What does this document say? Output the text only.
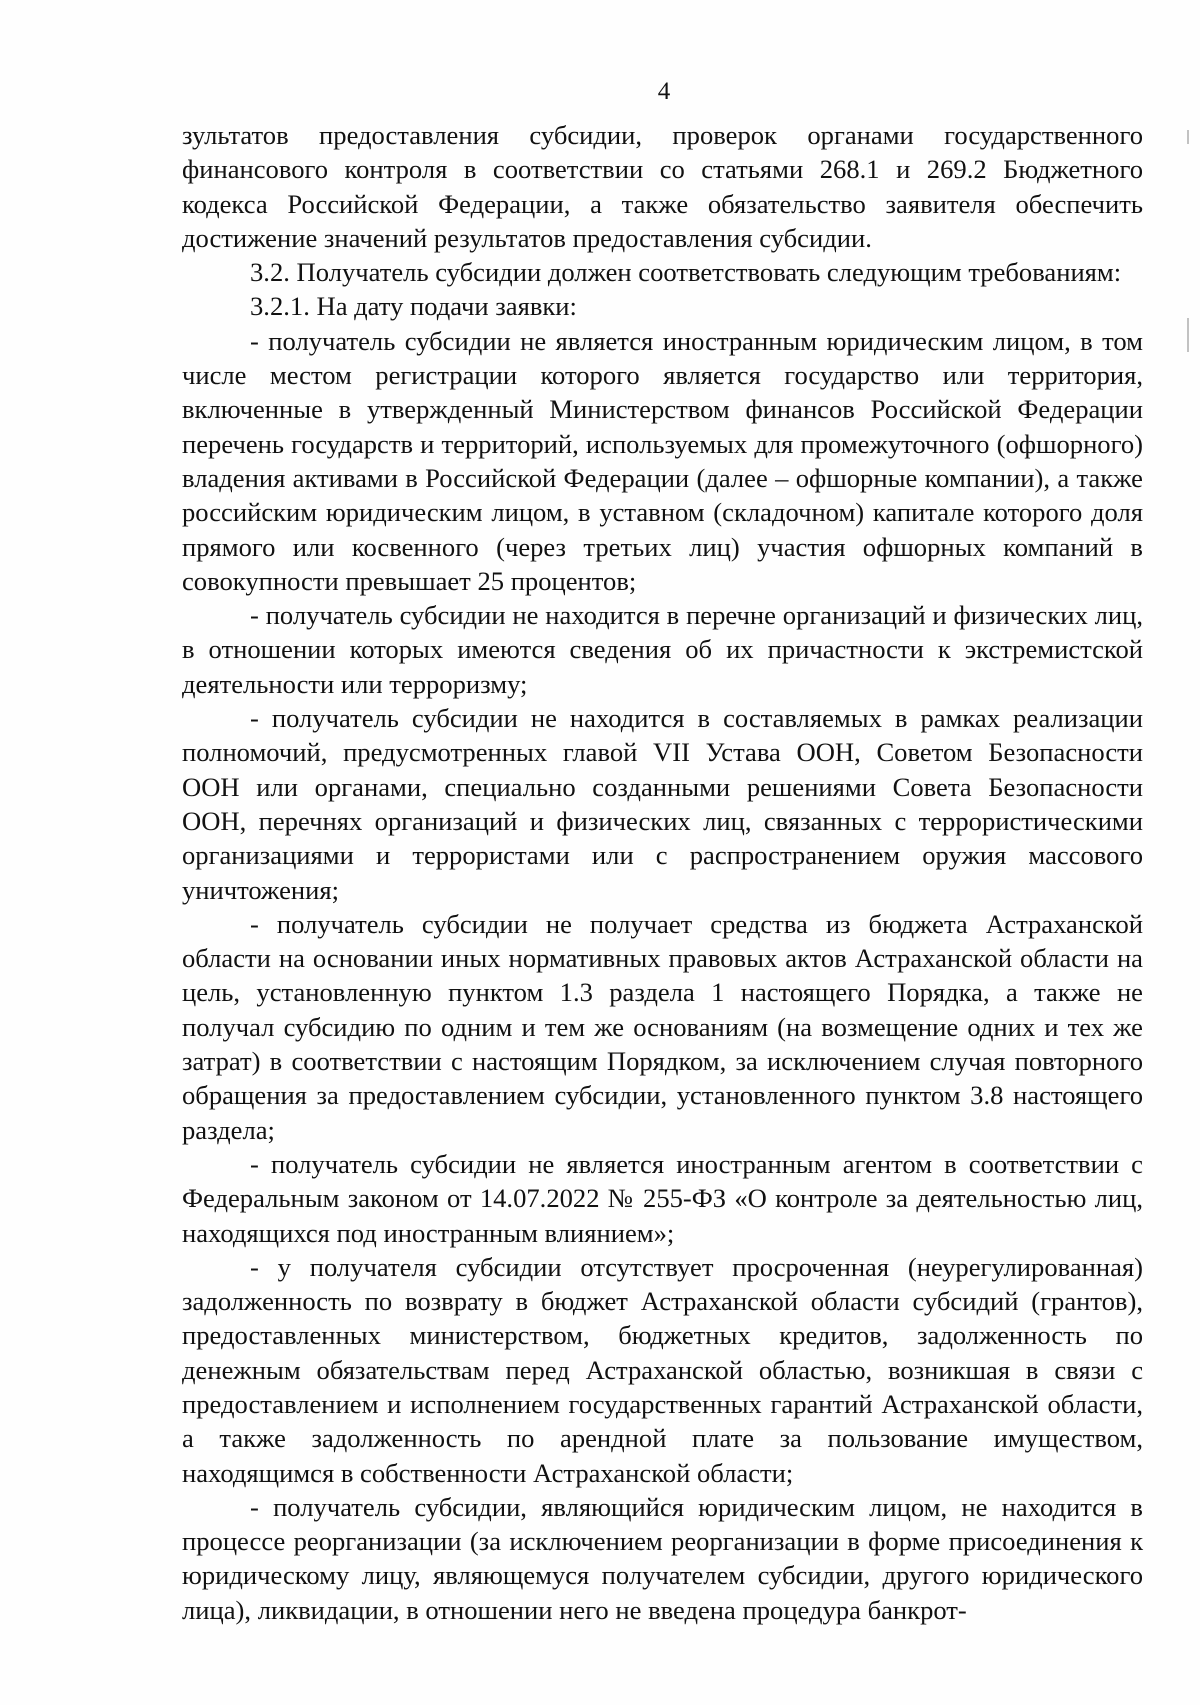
4

зультатов предоставления субсидии, проверок органами государственного финансового контроля в соответствии со статьями 268.1 и 269.2 Бюджетного кодекса Российской Федерации, а также обязательство заявителя обеспечить достижение значений результатов предоставления субсидии.

3.2. Получатель субсидии должен соответствовать следующим требованиям:

3.2.1. На дату подачи заявки:

- получатель субсидии не является иностранным юридическим лицом, в том числе местом регистрации которого является государство или территория, включенные в утвержденный Министерством финансов Российской Федерации перечень государств и территорий, используемых для промежуточного (офшорного) владения активами в Российской Федерации (далее – офшорные компании), а также российским юридическим лицом, в уставном (складочном) капитале которого доля прямого или косвенного (через третьих лиц) участия офшорных компаний в совокупности превышает 25 процентов;

- получатель субсидии не находится в перечне организаций и физических лиц, в отношении которых имеются сведения об их причастности к экстремистской деятельности или терроризму;

- получатель субсидии не находится в составляемых в рамках реализации полномочий, предусмотренных главой VII Устава ООН, Советом Безопасности ООН или органами, специально созданными решениями Совета Безопасности ООН, перечнях организаций и физических лиц, связанных с террористическими организациями и террористами или с распространением оружия массового уничтожения;

- получатель субсидии не получает средства из бюджета Астраханской области на основании иных нормативных правовых актов Астраханской области на цель, установленную пунктом 1.3 раздела 1 настоящего Порядка, а также не получал субсидию по одним и тем же основаниям (на возмещение одних и тех же затрат) в соответствии с настоящим Порядком, за исключением случая повторного обращения за предоставлением субсидии, установленного пунктом 3.8 настоящего раздела;

- получатель субсидии не является иностранным агентом в соответствии с Федеральным законом от 14.07.2022 № 255-ФЗ «О контроле за деятельностью лиц, находящихся под иностранным влиянием»;

- у получателя субсидии отсутствует просроченная (неурегулированная) задолженность по возврату в бюджет Астраханской области субсидий (грантов), предоставленных министерством, бюджетных кредитов, задолженность по денежным обязательствам перед Астраханской областью, возникшая в связи с предоставлением и исполнением государственных гарантий Астраханской области, а также задолженность по арендной плате за пользование имуществом, находящимся в собственности Астраханской области;

- получатель субсидии, являющийся юридическим лицом, не находится в процессе реорганизации (за исключением реорганизации в форме присоединения к юридическому лицу, являющемуся получателем субсидии, другого юридического лица), ликвидации, в отношении него не введена процедура банкрот-
